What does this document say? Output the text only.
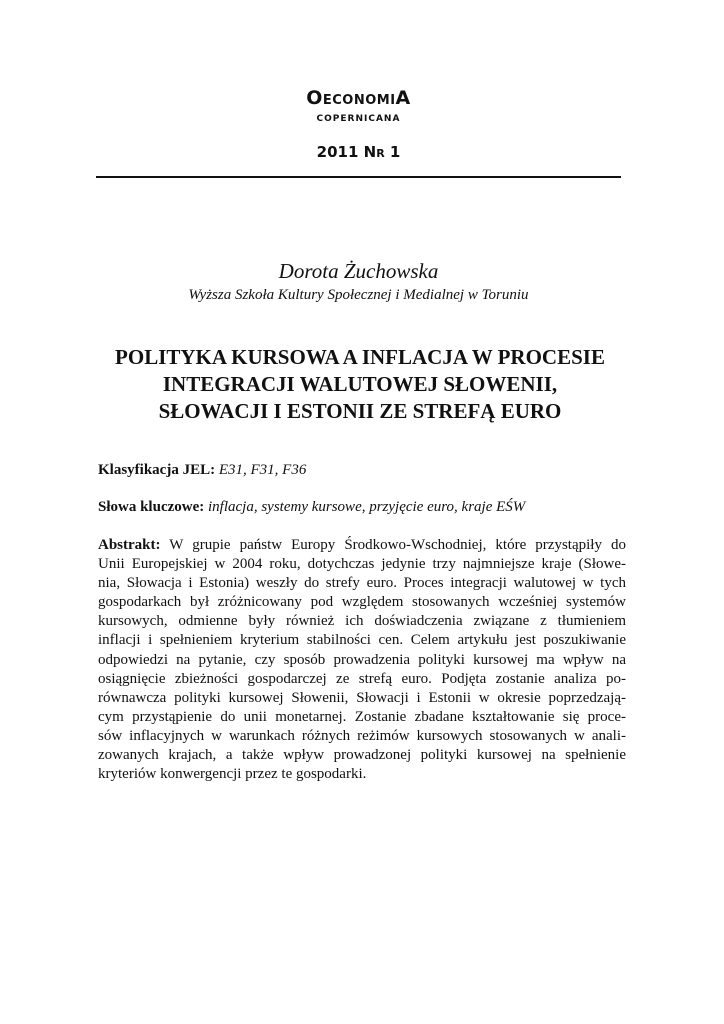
OeconomiA
copernicana
2011 Nr 1
Dorota Żuchowska
Wyższa Szkoła Kultury Społecznej i Medialnej w Toruniu
POLITYKA KURSOWA A INFLACJA W PROCESIE
INTEGRACJI WALUTOWEJ SŁOWENII,
SŁOWACJI I ESTONII ZE STREFĄ EURO
Klasyfikacja JEL: E31, F31, F36
Słowa kluczowe: inflacja, systemy kursowe, przyjęcie euro, kraje EŚW

Abstrakt: W grupie państw Europy Środkowo-Wschodniej, które przystąpiły do
Unii Europejskiej w 2004 roku, dotychczas jedynie trzy najmniejsze kraje (Słowe-
nia, Słowacja i Estonia) weszły do strefy euro. Proces integracji walutowej w tych
gospodarkach był zróżnicowany pod względem stosowanych wcześniej systemów
kursowych, odmienne były również ich doświadczenia związane z tłumieniem
inflacji i spełnieniem kryterium stabilności cen. Celem artykułu jest poszukiwanie
odpowiedzi na pytanie, czy sposób prowadzenia polityki kursowej ma wpływ na
osiągnięcie zbieżności gospodarczej ze strefą euro. Podjęta zostanie analiza po-
równawcza polityki kursowej Słowenii, Słowacji i Estonii w okresie poprzedzają-
cym przystąpienie do unii monetarnej. Zostanie zbadane kształtowanie się proce-
sów inflacyjnych w warunkach różnych reżimów kursowych stosowanych w anali-
zowanych krajach, a także wpływ prowadzonej polityki kursowej na spełnienie
kryteriów konwergencji przez te gospodarki.
